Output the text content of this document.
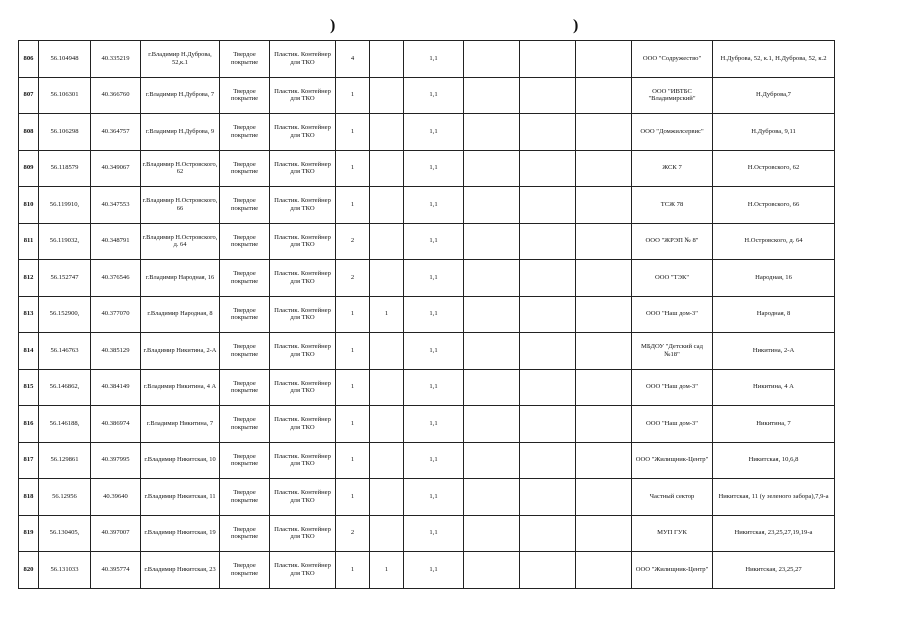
)	)
806	56.104948	40.335219	г.Владимир Н.Дуброва, 52,к.1	Твердое покрытие	Пластик. Контейнер для ТКО	4		1,1				ООО "Содружество"	Н.Дуброва, 52, к.1, Н.Дуброва, 52, к.2
807	56.106301	40.366760	г.Владимир Н.Дуброва, 7	Твердое покрытие	Пластик. Контейнер для ТКО	1		1,1				ООО "ИВТБС "Владимирский"	Н.Дуброва,7
808	56.106298	40.364757	г.Владимир Н.Дуброва, 9	Твердое покрытие	Пластик. Контейнер для ТКО	1		1,1				ООО "Домжилсервис"	Н.Дуброва, 9,11
809	56.118579	40.349067	г.Владимир Н.Островского, 62	Твердое покрытие	Пластик. Контейнер для ТКО	1		1,1				ЖСК 7	Н.Островского, 62
810	56.119910,	40.347553	г.Владимир Н.Островского, 66	Твердое покрытие	Пластик. Контейнер для ТКО	1		1,1				ТСЖ 78	Н.Островского, 66
811	56.119032,	40.348791	г.Владимир Н.Островского, д. 64	Твердое покрытие	Пластик. Контейнер для ТКО	2		1,1				ООО "ЖРЭП № 8"	Н.Островского, д. 64
812	56.152747	40.376546	г.Владимир Народная, 16	Твердое покрытие	Пластик. Контейнер для ТКО	2		1,1				ООО "ТЭК"	Народная, 16
813	56.152900,	40.377070	г.Владимир Народная, 8	Твердое покрытие	Пластик. Контейнер для ТКО	1	1	1,1				ООО "Наш дом-3"	Народная, 8
814	56.146763	40.385129	г.Владимир Никитина, 2-А	Твердое покрытие	Пластик. Контейнер для ТКО	1		1,1				МБДОУ "Детский сад №18"	Никитина, 2-А
815	56.146862,	40.384149	г.Владимир Никитина, 4 А	Твердое покрытие	Пластик. Контейнер для ТКО	1		1,1				ООО "Наш дом-3"	Никитина, 4 А
816	56.146188,	40.386974	г.Владимир Никитина, 7	Твердое покрытие	Пластик. Контейнер для ТКО	1		1,1				ООО "Наш дом-3"	Никитина, 7
817	56.129861	40.397995	г.Владимир Никитская, 10	Твердое покрытие	Пластик. Контейнер для ТКО	1		1,1				ООО "Жилищник-Центр"	Никитская, 10,6,8
818	56.12956	40.39640	г.Владимир Никитская, 11	Твердое покрытие	Пластик. Контейнер для ТКО	1		1,1				Частный сектор	Никитская, 11 (у зеленого забора),7,9-а
819	56.130405,	40.397007	г.Владимир Никитская, 19	Твердое покрытие	Пластик. Контейнер для ТКО	2		1,1				МУП ГУК	Никитская, 23,25,27,19,19-а
820	56.131033	40.395774	г.Владимир Никитская, 23	Твердое покрытие	Пластик. Контейнер для ТКО	1	1	1,1				ООО "Жилищник-Центр"	Никитская, 23,25,27
